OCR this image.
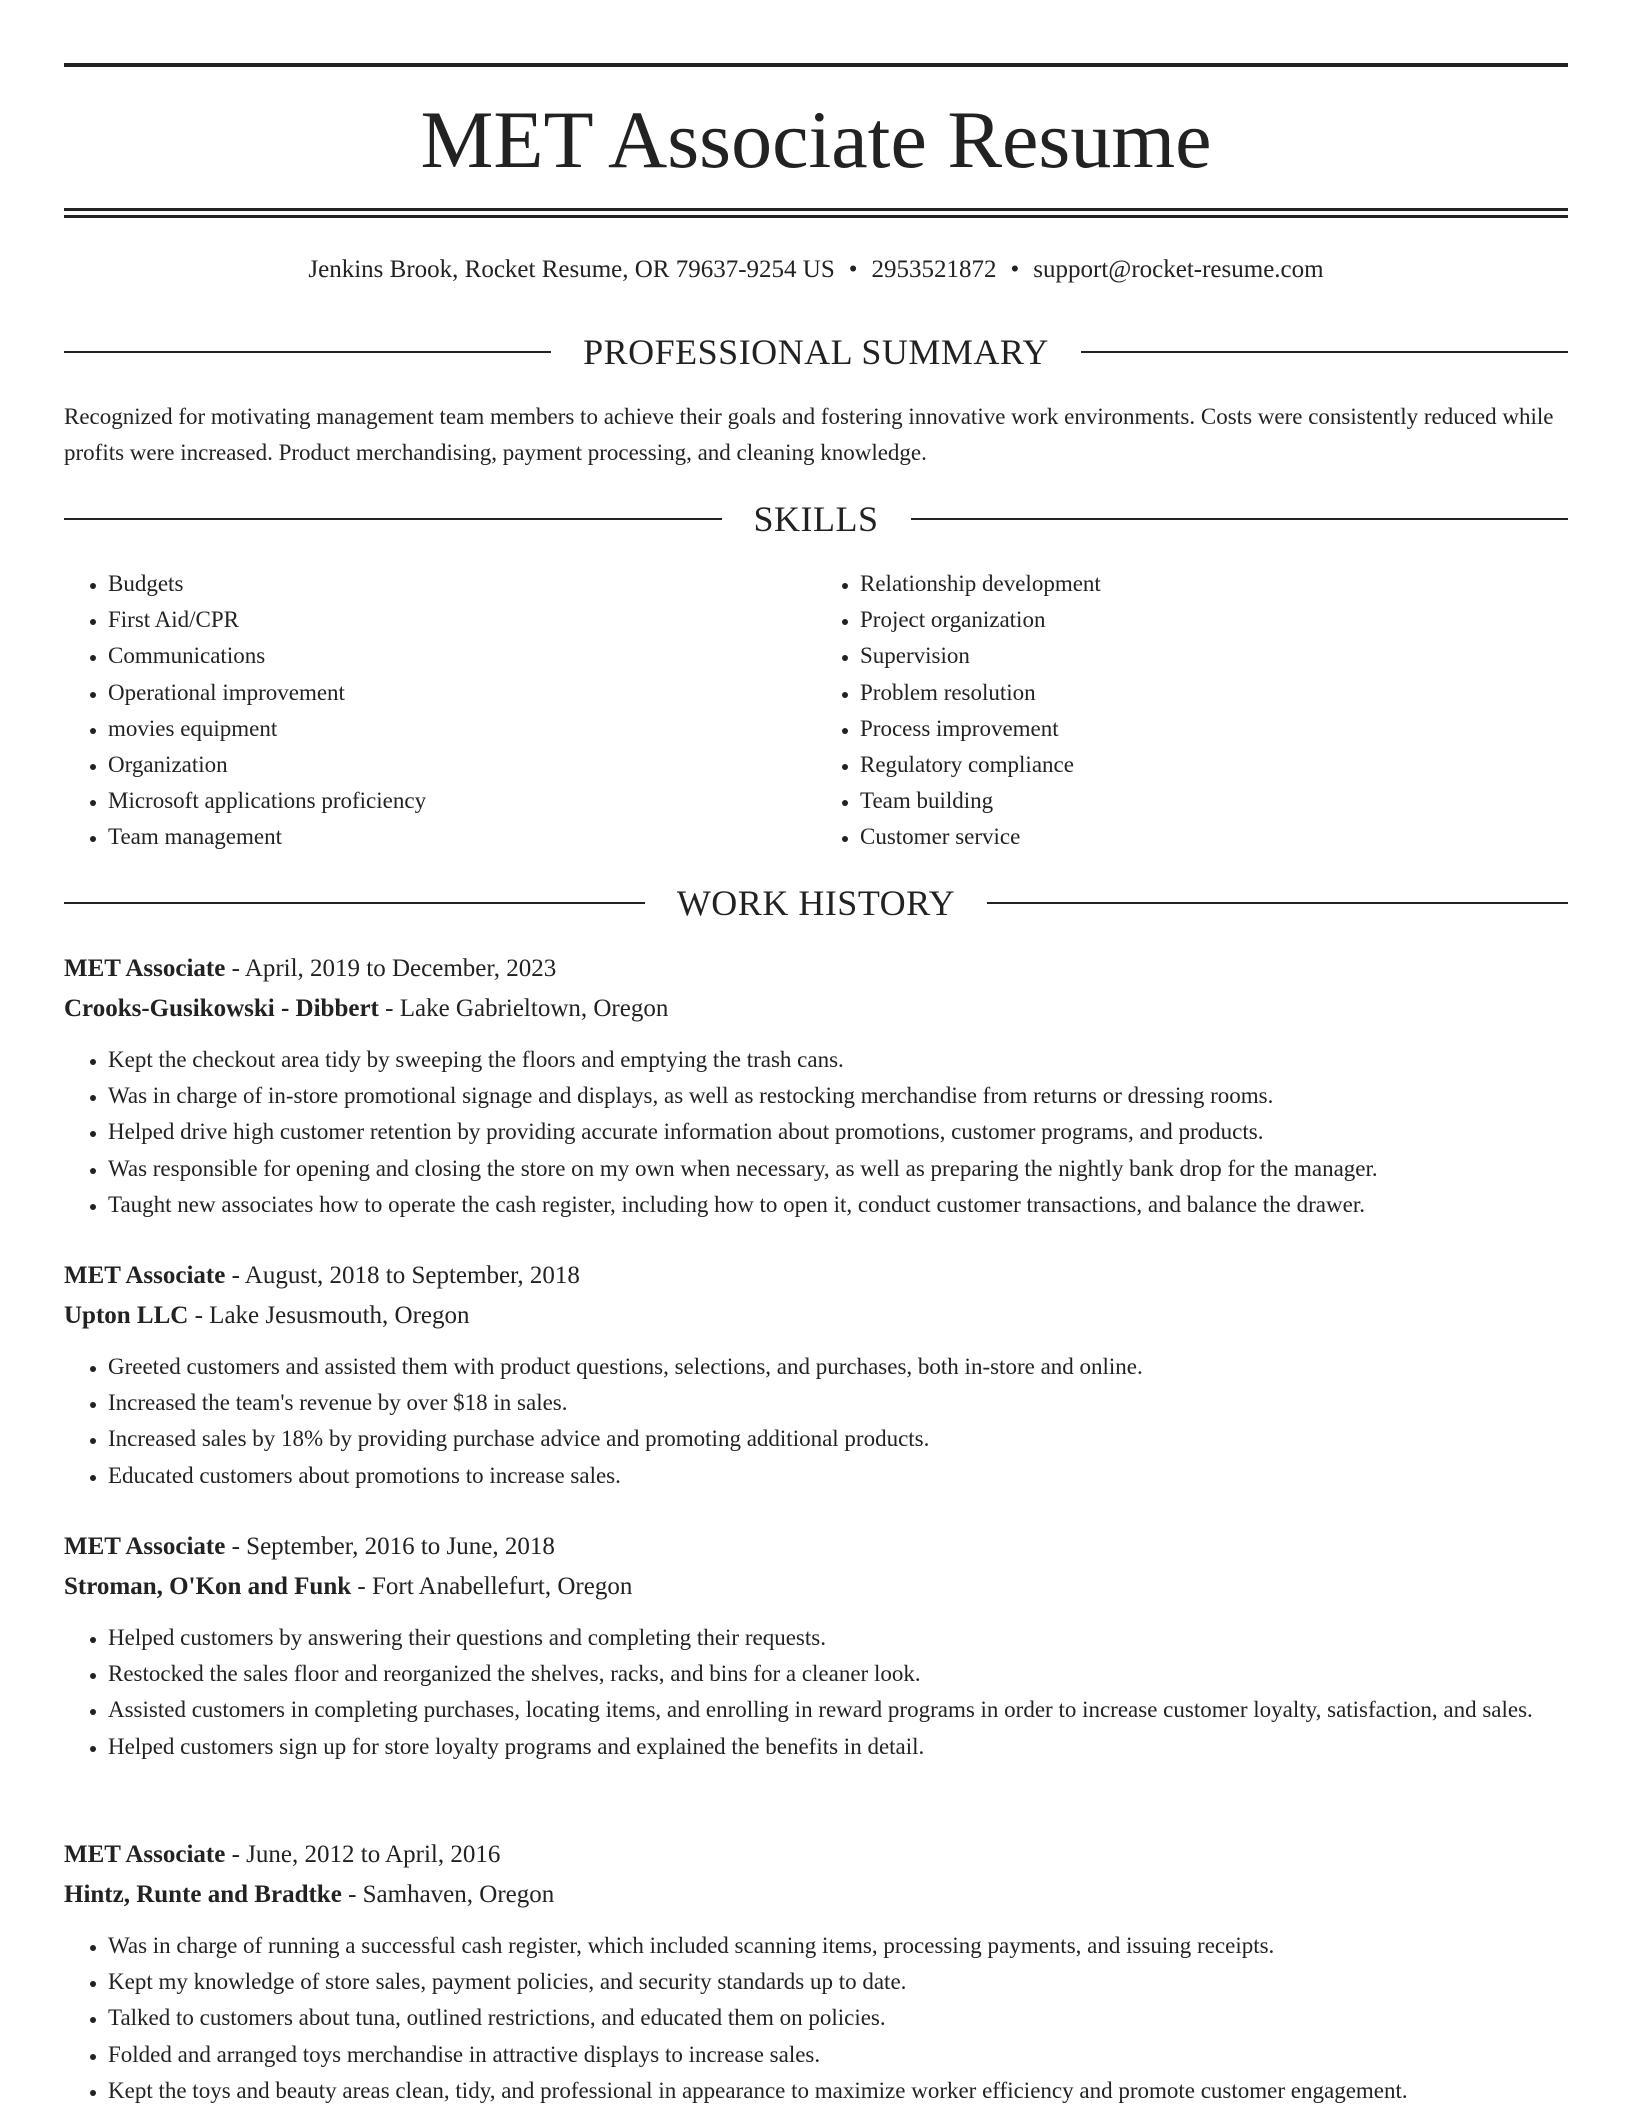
MET Associate Resume
Jenkins Brook, Rocket Resume, OR 79637-9254 US • 2953521872 • support@rocket-resume.com
PROFESSIONAL SUMMARY

Recognized for motivating management team members to achieve their goals and fostering innovative work environments. Costs were consistently reduced while profits were increased. Product merchandising, payment processing, and cleaning knowledge.

SKILLS
• Budgets
• First Aid/CPR
• Communications
• Operational improvement
• movies equipment
• Organization
• Microsoft applications proficiency
• Team management
• Relationship development
• Project organization
• Supervision
• Problem resolution
• Process improvement
• Regulatory compliance
• Team building
• Customer service
WORK HISTORY

MET Associate - April, 2019 to December, 2023

Crooks-Gusikowski - Dibbert - Lake Gabrieltown, Oregon

• Kept the checkout area tidy by sweeping the floors and emptying the trash cans.
• Was in charge of in-store promotional signage and displays, as well as restocking merchandise from returns or dressing rooms.
• Helped drive high customer retention by providing accurate information about promotions, customer programs, and products.
• Was responsible for opening and closing the store on my own when necessary, as well as preparing the nightly bank drop for the manager.
• Taught new associates how to operate the cash register, including how to open it, conduct customer transactions, and balance the drawer.

MET Associate - August, 2018 to September, 2018

Upton LLC - Lake Jesusmouth, Oregon

• Greeted customers and assisted them with product questions, selections, and purchases, both in-store and online.
• Increased the team's revenue by over $18 in sales.
• Increased sales by 18% by providing purchase advice and promoting additional products.
• Educated customers about promotions to increase sales.

MET Associate - September, 2016 to June, 2018

Stroman, O'Kon and Funk - Fort Anabellefurt, Oregon

• Helped customers by answering their questions and completing their requests.
• Restocked the sales floor and reorganized the shelves, racks, and bins for a cleaner look.
• Assisted customers in completing purchases, locating items, and enrolling in reward programs in order to increase customer loyalty, satisfaction, and sales.
• Helped customers sign up for store loyalty programs and explained the benefits in detail.

MET Associate - June, 2012 to April, 2016

Hintz, Runte and Bradtke - Samhaven, Oregon

• Was in charge of running a successful cash register, which included scanning items, processing payments, and issuing receipts.
• Kept my knowledge of store sales, payment policies, and security standards up to date.
• Talked to customers about tuna, outlined restrictions, and educated them on policies.
• Folded and arranged toys merchandise in attractive displays to increase sales.
• Kept the toys and beauty areas clean, tidy, and professional in appearance to maximize worker efficiency and promote customer engagement.
